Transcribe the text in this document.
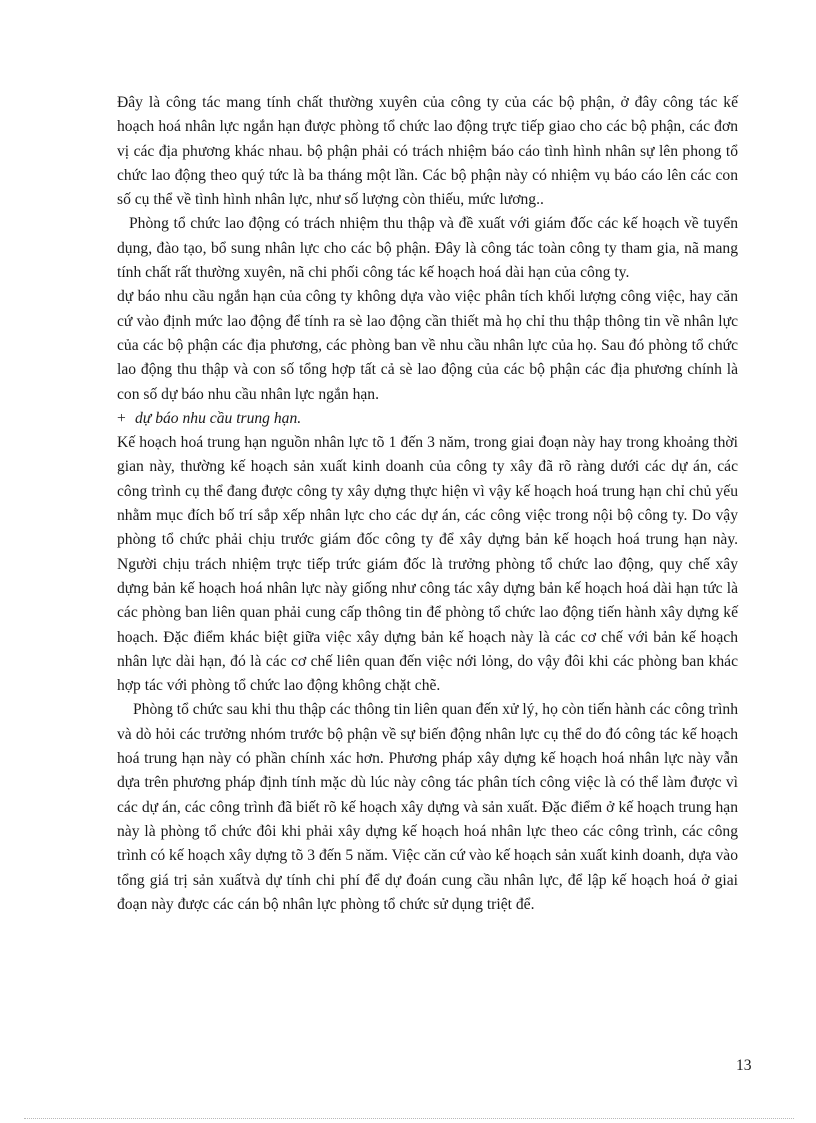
Đây là công tác mang tính chất thường xuyên của công ty của các bộ phận, ở đây công tác kế hoạch hoá nhân lực ngắn hạn được phòng tổ chức lao động trực tiếp giao cho các bộ phận, các đơn vị các địa phương khác nhau. bộ phận phải có trách nhiệm báo cáo tình hình nhân sự lên phong tổ chức lao động theo quý tức là ba tháng một lần. Các bộ phận này có nhiệm vụ báo cáo lên các con số cụ thể về tình hình nhân lực, như số lượng còn thiếu, mức lương..

Phòng tổ chức lao động có trách nhiệm thu thập và đề xuất với giám đốc các kế hoạch về tuyển dụng, đào tạo, bổ sung nhân lực cho các bộ phận. Đây là công tác toàn công ty tham gia, nã mang tính chất rất thường xuyên, nã chi phối công tác kế hoạch hoá dài hạn của công ty.

dự báo nhu cầu ngắn hạn của công ty không dựa vào việc phân tích khối lượng công việc, hay căn cứ vào định mức lao động để tính ra sè lao động cần thiết mà họ chỉ thu thập thông tin về nhân lực của các bộ phận các địa phương, các phòng ban về nhu cầu nhân lực của họ. Sau đó phòng tổ chức lao động thu thập và con số tổng hợp tất cả sè lao động của các bộ phận các địa phương chính là con số dự báo nhu cầu nhân lực ngắn hạn.

+ dự báo nhu cầu trung hạn.

Kế hoạch hoá trung hạn nguồn nhân lực tõ 1 đến 3 năm, trong giai đoạn này hay trong khoảng thời gian này, thường kế hoạch sản xuất kinh doanh của công ty xây đã rõ ràng dưới các dự án, các công trình cụ thể đang được công ty xây dựng thực hiện vì vậy kế hoạch hoá trung hạn chỉ chủ yếu nhằm mục đích bố trí sắp xếp nhân lực cho các dự án, các công việc trong nội bộ công ty. Do vậy phòng tổ chức phải chịu trước giám đốc công ty để xây dựng bản kế hoạch hoá trung hạn này. Người chịu trách nhiệm trực tiếp trức giám đốc là trưởng phòng tổ chức lao động, quy chế xây dựng bản kế hoạch hoá nhân lực này giống như công tác xây dựng bản kế hoạch hoá dài hạn tức là các phòng ban liên quan phải cung cấp thông tin để phòng tổ chức lao động tiến hành xây dựng kế hoạch. Đặc điểm khác biệt giữa việc xây dựng bản kế hoạch này là các cơ chế với bản kế hoạch nhân lực dài hạn, đó là các cơ chế liên quan đến việc nới lỏng, do vậy đôi khi các phòng ban khác hợp tác với phòng tổ chức lao động không chặt chẽ.

Phòng tổ chức sau khi thu thập các thông tin liên quan đến xử lý, họ còn tiến hành các công trình và dò hỏi các trưởng nhóm trước bộ phận về sự biến động nhân lực cụ thể do đó công tác kế hoạch hoá trung hạn này có phần chính xác hơn. Phương pháp xây dựng kế hoạch hoá nhân lực này vẫn dựa trên phương pháp định tính mặc dù lúc này công tác phân tích công việc là có thể làm được vì các dự án, các công trình đã biết rõ kế hoạch xây dựng và sản xuất. Đặc điểm ở kế hoạch trung hạn này là phòng tổ chức đôi khi phải xây dựng kế hoạch hoá nhân lực theo các công trình, các công trình có kế hoạch xây dựng tõ 3 đến 5 năm. Việc căn cứ vào kế hoạch sản xuất kinh doanh, dựa vào tổng giá trị sản xuấtvà dự tính chi phí để dự đoán cung cầu nhân lực, để lập kế hoạch hoá ở giai đoạn này được các cán bộ nhân lực phòng tổ chức sử dụng triệt để.

13
